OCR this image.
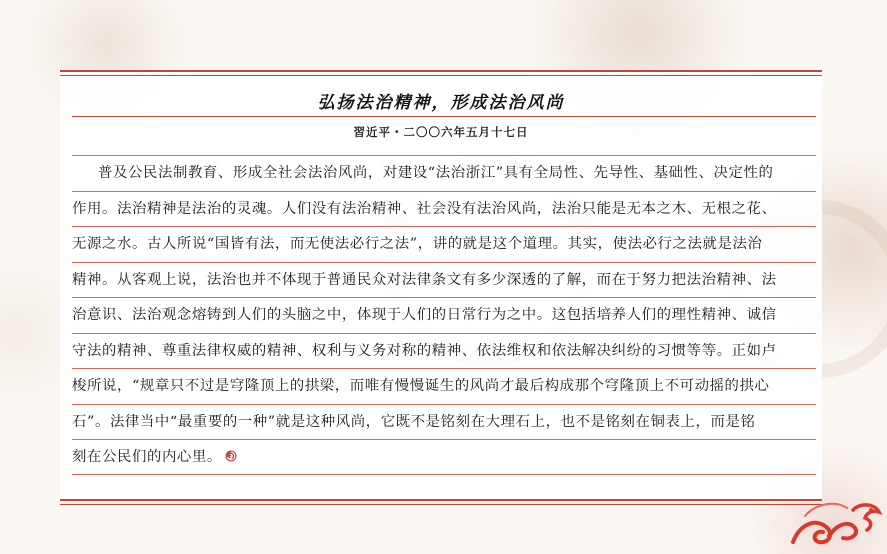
弘扬法治精神，形成法治风尚
習近平・二〇〇六年五月十七日
普及公民法制教育、形成全社会法治风尚，对建设“法治浙江”具有全局性、先导性、基础性、决定性的
作用。法治精神是法治的灵魂。人们没有法治精神、社会没有法治风尚，法治只能是无本之木、无根之花、
无源之水。古人所说“国皆有法，而无使法必行之法”，讲的就是这个道理。其实，使法必行之法就是法治
精神。从客观上说，法治也并不体现于普通民众对法律条文有多少深透的了解，而在于努力把法治精神、法
治意识、法治观念熔铸到人们的头脑之中，体现于人们的日常行为之中。这包括培养人们的理性精神、诚信
守法的精神、尊重法律权威的精神、权利与义务对称的精神、依法维权和依法解决纠纷的习惯等等。正如卢
梭所说，“规章只不过是穹隆顶上的拱梁，而唯有慢慢诞生的风尚才最后构成那个穹隆顶上不可动摇的拱心
石”。法律当中“最重要的一种”就是这种风尚，它既不是铭刻在大理石上，也不是铭刻在铜表上，而是铭
刻在公民们的内心里。
